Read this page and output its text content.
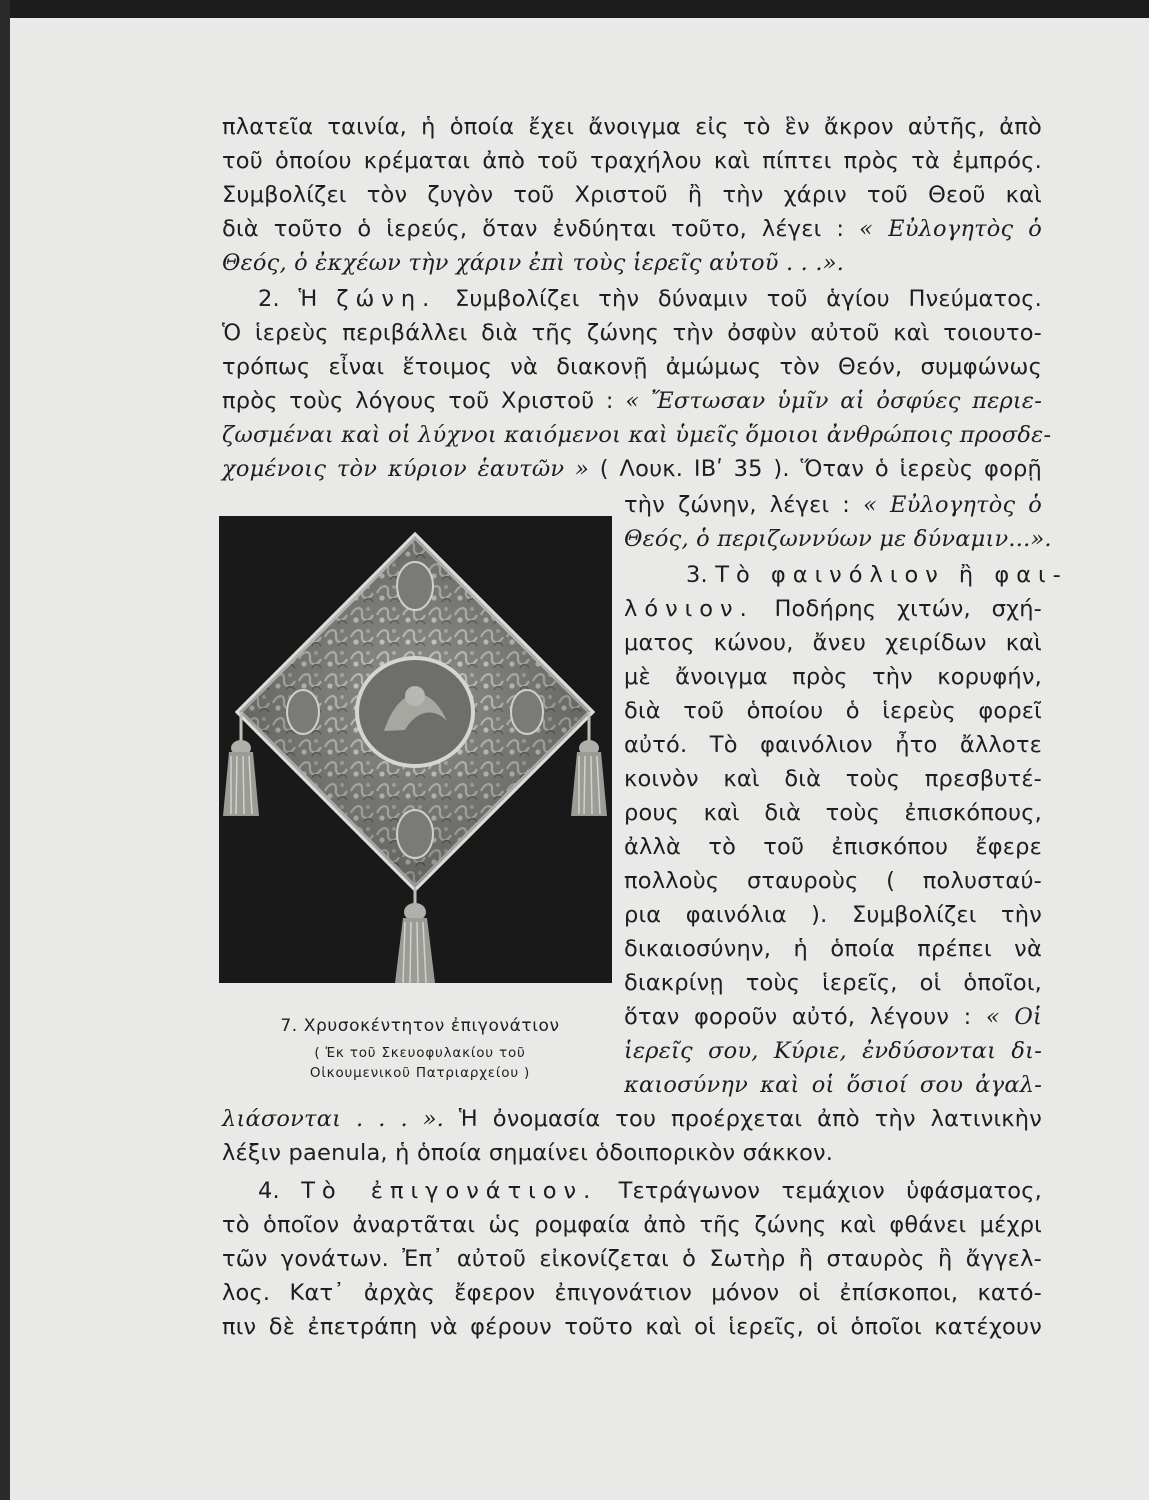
πλατεῖα ταινία, ἡ ὁποία ἔχει ἄνοιγμα εἰς τὸ ἓν ἄκρον αὐτῆς, ἀπὸ
τοῦ ὁποίου κρέμαται ἀπὸ τοῦ τραχήλου καὶ πίπτει πρὸς τὰ ἐμπρός.
Συμβολίζει τὸν ζυγὸν τοῦ Χριστοῦ ἢ τὴν χάριν τοῦ Θεοῦ καὶ
διὰ τοῦτο ὁ ἱερεύς, ὅταν ἐνδύηται τοῦτο, λέγει : « Εὐλογητὸς ὁ
Θεός, ὁ ἐκχέων τὴν χάριν ἐπὶ τοὺς ἱερεῖς αὐτοῦ . . .».
2. Ἡ ζώνη. Συμβολίζει τὴν δύναμιν τοῦ ἁγίου Πνεύματος.
Ὁ ἱερεὺς περιβάλλει διὰ τῆς ζώνης τὴν ὀσφὺν αὐτοῦ καὶ τοιουτο-
τρόπως εἶναι ἕτοιμος νὰ διακονῇ ἀμώμως τὸν Θεόν, συμφώνως
πρὸς τοὺς λόγους τοῦ Χριστοῦ : « Ἔστωσαν ὑμῖν αἱ ὀσφύες περιε-
ζωσμέναι καὶ οἱ λύχνοι καιόμενοι καὶ ὑμεῖς ὅμοιοι ἀνθρώποις προσδε-
χομένοις τὸν κύριον ἑαυτῶν » ( Λουκ. ΙΒʹ 35 ). Ὅταν ὁ ἱερεὺς φορῇ
τὴν ζώνην, λέγει : « Εὐλογητὸς ὁ
Θεός, ὁ περιζωννύων με δύναμιν...».
3. Τὸ φαινόλιον ἢ φαι-
λόνιον. Ποδήρης χιτών, σχή-
ματος κώνου, ἄνευ χειρίδων καὶ
μὲ ἄνοιγμα πρὸς τὴν κορυφήν,
διὰ τοῦ ὁποίου ὁ ἱερεὺς φορεῖ
αὐτό. Τὸ φαινόλιον ἦτο ἄλλοτε
κοινὸν καὶ διὰ τοὺς πρεσβυτέ-
ρους καὶ διὰ τοὺς ἐπισκόπους,
ἀλλὰ τὸ τοῦ ἐπισκόπου ἔφερε
πολλοὺς σταυροὺς ( πολυσταύ-
ρια φαινόλια ). Συμβολίζει τὴν
δικαιοσύνην, ἡ ὁποία πρέπει νὰ
διακρίνῃ τοὺς ἱερεῖς, οἱ ὁποῖοι,
ὅταν φοροῦν αὐτό, λέγουν : « Οἱ
ἱερεῖς σου, Κύριε, ἐνδύσονται δι-
καιοσύνην καὶ οἱ ὅσιοί σου ἀγαλ-
λιάσονται . . . ». Ἡ ὀνομασία του προέρχεται ἀπὸ τὴν λατινικὴν
λέξιν paenula, ἡ ὁποία σημαίνει ὁδοιπορικὸν σάκκον.
4. Τὸ ἐπιγονάτιον. Τετράγωνον τεμάχιον ὑφάσματος,
τὸ ὁποῖον ἀναρτᾶται ὡς ρομφαία ἀπὸ τῆς ζώνης καὶ φθάνει μέχρι
τῶν γονάτων. Ἐπ᾽ αὐτοῦ εἰκονίζεται ὁ Σωτὴρ ἢ σταυρὸς ἢ ἄγγελ-
λος. Κατ᾽ ἀρχὰς ἔφερον ἐπιγονάτιον μόνον οἱ ἐπίσκοποι, κατό-
πιν δὲ ἐπετράπη νὰ φέρουν τοῦτο καὶ οἱ ἱερεῖς, οἱ ὁποῖοι κατέχουν
7. Χρυσοκέντητον ἐπιγονάτιον
( Ἐκ τοῦ Σκευοφυλακίου τοῦ
Οἰκουμενικοῦ Πατριαρχείου )
